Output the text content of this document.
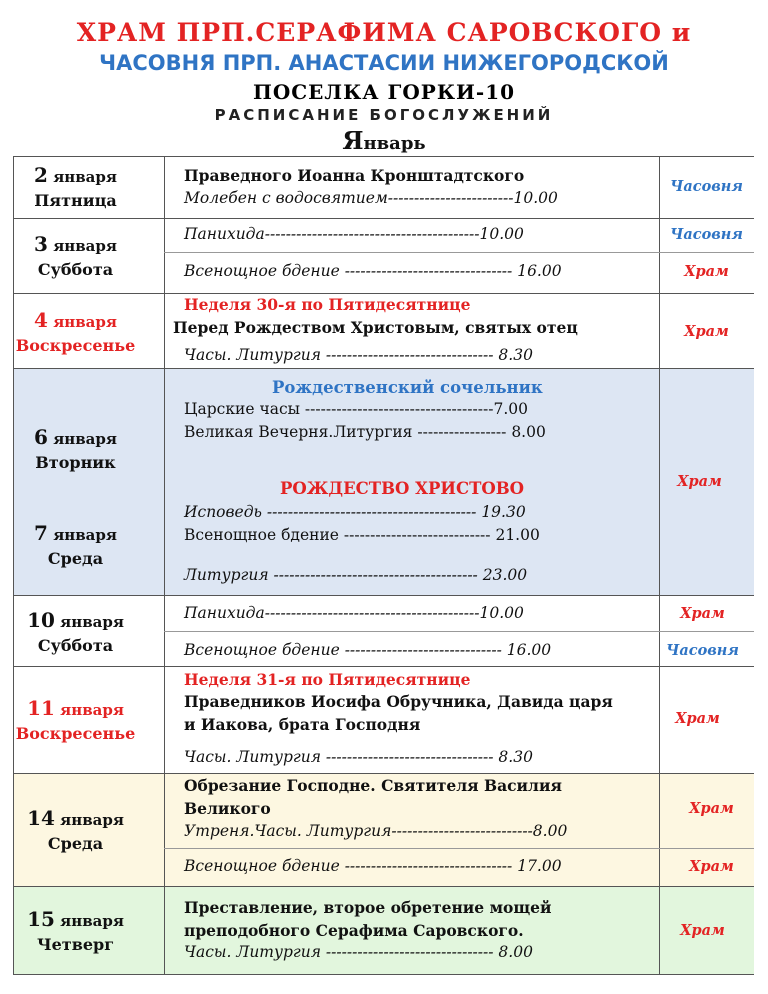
ХРАМ ПРП.СЕРАФИМА САРОВСКОГО и
ЧАСОВНЯ ПРП. АНАСТАСИИ НИЖЕГОРОДСКОЙ
ПОСЕЛКА ГОРКИ-10
РАСПИСАНИЕ БОГОСЛУЖЕНИЙ
Январь
2 января
Пятница
Праведного Иоанна Кронштадтского
Молебен с водосвятием------------------------10.00
Часовня
3 января
Суббота
Панихида-----------------------------------------10.00
Всенощное бдение -------------------------------- 16.00
Часовня
Храм
4 января
Воскресенье
Неделя 30-я по Пятидесятнице
Перед Рождеством Христовым, святых отец
Часы. Литургия -------------------------------- 8.30
Храм
6 января
Вторник
7 января
Среда
Рождественский сочельник
Царские часы ------------------------------------7.00
Великая Вечерня.Литургия ----------------- 8.00
РОЖДЕСТВО ХРИСТОВО
Исповедь ---------------------------------------- 19.30
Всенощное бдение ---------------------------- 21.00
Литургия --------------------------------------- 23.00
Храм
10 января
Суббота
Панихида-----------------------------------------10.00
Всенощное бдение ------------------------------ 16.00
Храм
Часовня
11 января
Воскресенье
Неделя 31-я по Пятидесятнице
Праведников Иосифа Обручника, Давида царя
и Иакова, брата Господня
Часы. Литургия -------------------------------- 8.30
Храм
14 января
Среда
Обрезание Господне. Святителя Василия
Великого
Утреня.Часы. Литургия---------------------------8.00
Всенощное бдение -------------------------------- 17.00
Храм
Храм
15 января
Четверг
Преставление, второе обретение мощей
преподобного Серафима Саровского.
Часы. Литургия -------------------------------- 8.00
Храм
